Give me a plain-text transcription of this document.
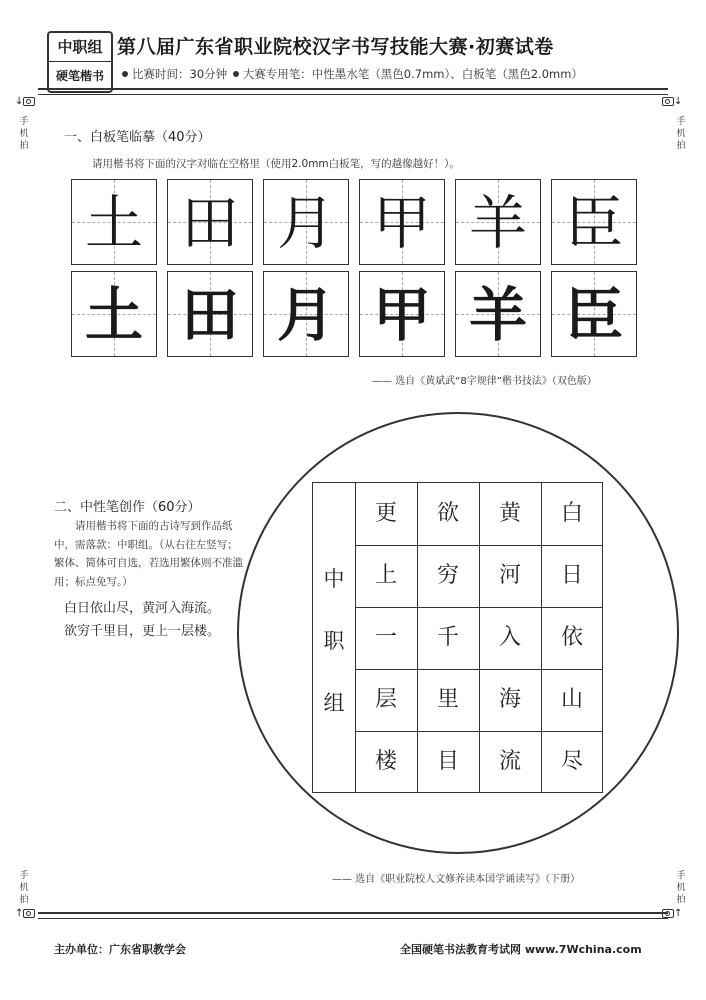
中职组
硬笔楷书
第八届广东省职业院校汉字书写技能大赛·初赛试卷
比赛时间：30分钟 大赛专用笔：中性墨水笔（黑色0.7mm）、白板笔（黑色2.0mm）
↓
手
机
拍
↓
手
机
拍
一、白板笔临摹（40分）
请用楷书将下面的汉字对临在空格里（使用2.0mm白板笔，写的越像越好！）。
土 田 月 甲 羊 臣
土 田 月 甲 羊 臣
—— 选自《黄斌武“8字规律”楷书技法》（双色版）
二、中性笔创作（60分）
请用楷书将下面的古诗写到作品纸中，需落款：中职组。（从右往左竖写；繁体、简体可自选，若选用繁体则不准滥用；标点免写。）
白日依山尽，黄河入海流。
欲穷千里目，更上一层楼。
中
职
组
更
上
一
层
楼
欲
穷
千
里
目
黄
河
入
海
流
白
日
依
山
尽
—— 选自《职业院校人文修养读本国学诵读写》（下册）
手
机
拍
↑
手
机
拍
↑
主办单位：广东省职教学会	全国硬笔书法教育考试网 www.7Wchina.com
